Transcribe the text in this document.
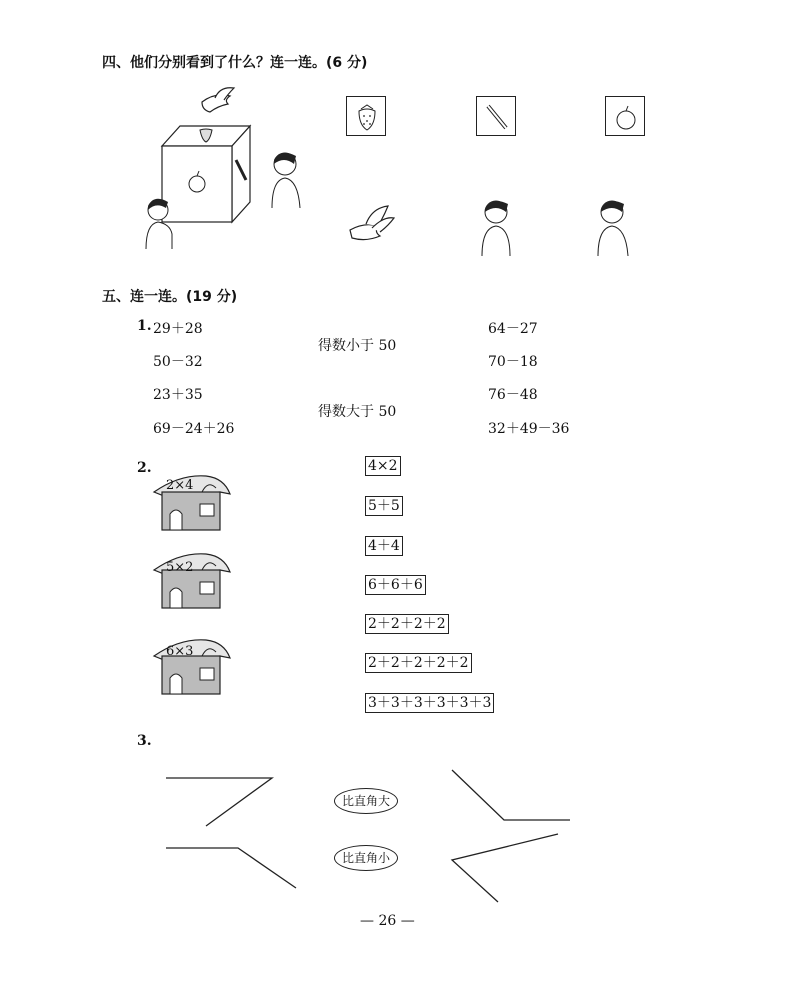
四、他们分别看到了什么？连一连。(6 分)
五、连一连。(19 分)
1. 29＋28
50－32
23＋35
69－24＋26
得数小于 50
得数大于 50
64－27
70－18
76－48
32＋49－36
2.
2×4
5×2
6×3
4×2
5＋5
4＋4
6＋6＋6
2＋2＋2＋2
2＋2＋2＋2＋2
3＋3＋3＋3＋3＋3
3.
比直角大
比直角小
— 26 —
